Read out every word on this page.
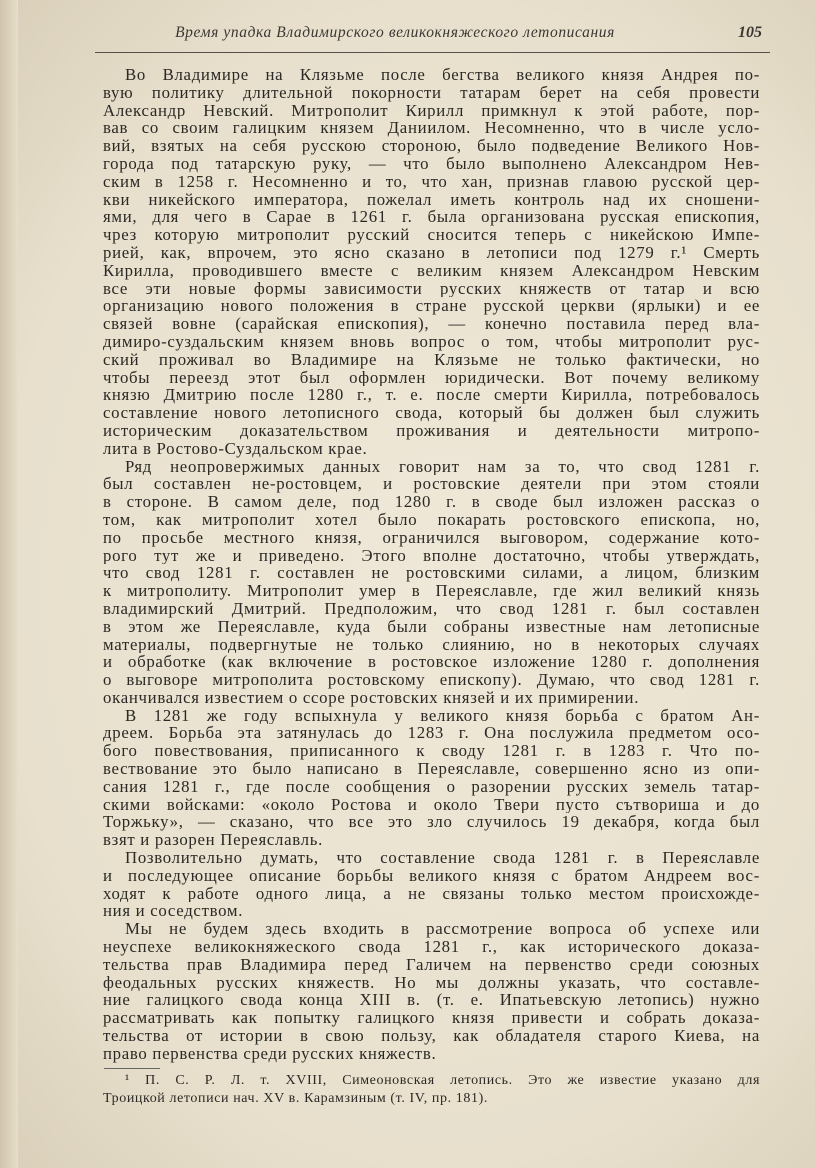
Время упадка Владимирского великокняжеского летописания	105
Во Владимире на Клязьме после бегства великого князя Андрея по-
вую политику длительной покорности татарам берет на себя провести
Александр Невский. Митрополит Кирилл примкнул к этой работе, пор-
вав со своим галицким князем Даниилом. Несомненно, что в числе усло-
вий, взятых на себя русскою стороною, было подведение Великого Нов-
города под татарскую руку, — что было выполнено Александром Нев-
ским в 1258 г. Несомненно и то, что хан, признав главою русской цер-
кви никейского императора, пожелал иметь контроль над их сношени-
ями, для чего в Сарае в 1261 г. была организована русская епископия,
чрез которую митрополит русский сносится теперь с никейскою Импе-
рией, как, впрочем, это ясно сказано в летописи под 1279 г.¹ Смерть
Кирилла, проводившего вместе с великим князем Александром Невским
все эти новые формы зависимости русских княжеств от татар и всю
организацию нового положения в стране русской церкви (ярлыки) и ее
связей вовне (сарайская епископия), — конечно поставила перед вла-
димиро-суздальским князем вновь вопрос о том, чтобы митрополит рус-
ский проживал во Владимире на Клязьме не только фактически, но
чтобы переезд этот был оформлен юридически. Вот почему великому
князю Дмитрию после 1280 г., т. е. после смерти Кирилла, потребовалось
составление нового летописного свода, который бы должен был служить
историческим доказательством проживания и деятельности митропо-
лита в Ростово-Суздальском крае.
Ряд неопровержимых данных говорит нам за то, что свод 1281 г.
был составлен не-ростовцем, и ростовские деятели при этом стояли
в стороне. В самом деле, под 1280 г. в своде был изложен рассказ о
том, как митрополит хотел было покарать ростовского епископа, но,
по просьбе местного князя, ограничился выговором, содержание кото-
рого тут же и приведено. Этого вполне достаточно, чтобы утверждать,
что свод 1281 г. составлен не ростовскими силами, а лицом, близким
к митрополиту. Митрополит умер в Переяславле, где жил великий князь
владимирский Дмитрий. Предположим, что свод 1281 г. был составлен
в этом же Переяславле, куда были собраны известные нам летописные
материалы, подвергнутые не только слиянию, но в некоторых случаях
и обработке (как включение в ростовское изложение 1280 г. дополнения
о выговоре митрополита ростовскому епископу). Думаю, что свод 1281 г.
оканчивался известием о ссоре ростовских князей и их примирении.
В 1281 же году вспыхнула у великого князя борьба с братом Ан-
дреем. Борьба эта затянулась до 1283 г. Она послужила предметом осо-
бого повествования, приписанного к своду 1281 г. в 1283 г. Что по-
вествование это было написано в Переяславле, совершенно ясно из опи-
сания 1281 г., где после сообщения о разорении русских земель татар-
скими войсками: «около Ростова и около Твери пусто сътвориша и до
Торжьку», — сказано, что все это зло случилось 19 декабря, когда был
взят и разорен Переяславль.
Позволительно думать, что составление свода 1281 г. в Переяславле
и последующее описание борьбы великого князя с братом Андреем вос-
ходят к работе одного лица, а не связаны только местом происхожде-
ния и соседством.
Мы не будем здесь входить в рассмотрение вопроса об успехе или
неуспехе великокняжеского свода 1281 г., как исторического доказа-
тельства прав Владимира перед Галичем на первенство среди союзных
феодальных русских княжеств. Но мы должны указать, что составле-
ние галицкого свода конца XIII в. (т. е. Ипатьевскую летопись) нужно
рассматривать как попытку галицкого князя привести и собрать доказа-
тельства от истории в свою пользу, как обладателя старого Киева, на
право первенства среди русских княжеств.
¹ П. С. Р. Л. т. XVIII, Симеоновская летопись. Это же известие указано для
Троицкой летописи нач. XV в. Карамзиным (т. IV, пр. 181).
